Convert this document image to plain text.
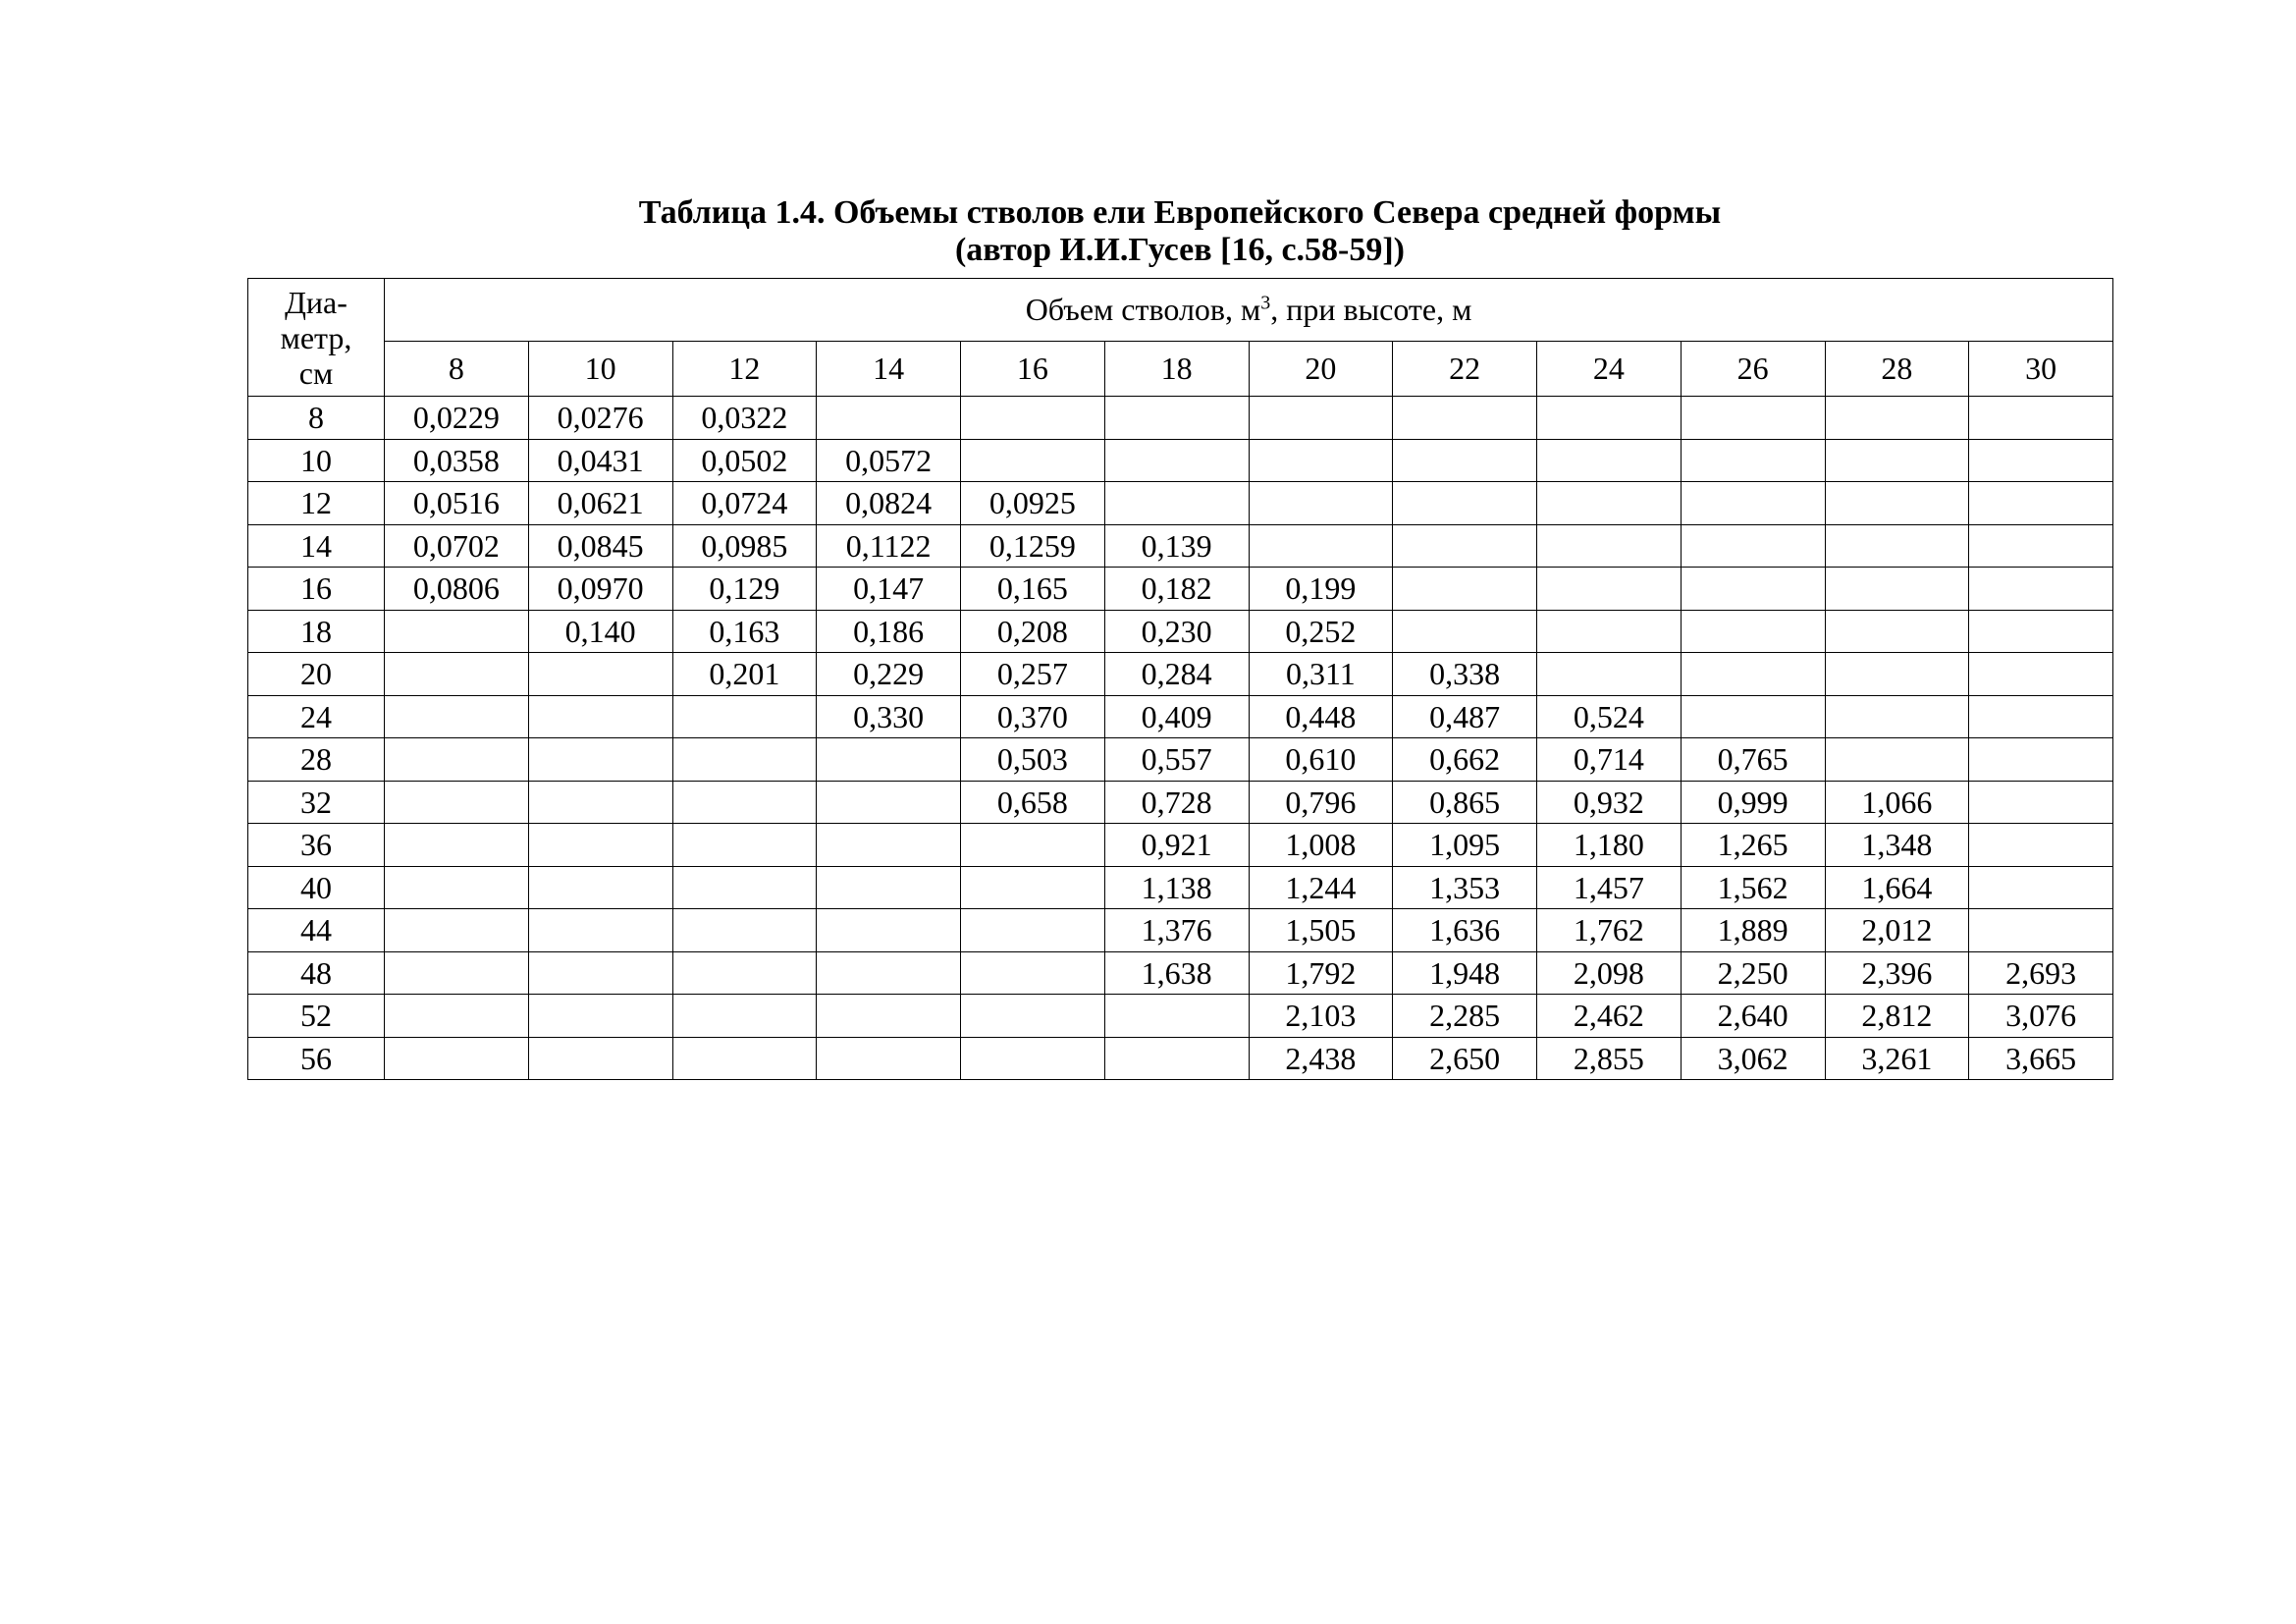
Таблица 1.4. Объемы стволов ели Европейского Севера средней формы
(автор И.И.Гусев [16, с.58-59])
Диа-
метр,
см	Объем стволов, $м^3$, при высоте, м											
	8	10	12	14	16	18	20	22	24	26	28	30
8	0,0229	0,0276	0,0322									
10	0,0358	0,0431	0,0502	0,0572								
12	0,0516	0,0621	0,0724	0,0824	0,0925							
14	0,0702	0,0845	0,0985	0,1122	0,1259	0,139						
16	0,0806	0,0970	0,129	0,147	0,165	0,182	0,199					
18		0,140	0,163	0,186	0,208	0,230	0,252					
20			0,201	0,229	0,257	0,284	0,311	0,338				
24				0,330	0,370	0,409	0,448	0,487	0,524			
28					0,503	0,557	0,610	0,662	0,714	0,765		
32					0,658	0,728	0,796	0,865	0,932	0,999	1,066	
36						0,921	1,008	1,095	1,180	1,265	1,348	
40						1,138	1,244	1,353	1,457	1,562	1,664	
44						1,376	1,505	1,636	1,762	1,889	2,012	
48						1,638	1,792	1,948	2,098	2,250	2,396	2,693
52							2,103	2,285	2,462	2,640	2,812	3,076
56							2,438	2,650	2,855	3,062	3,261	3,665
